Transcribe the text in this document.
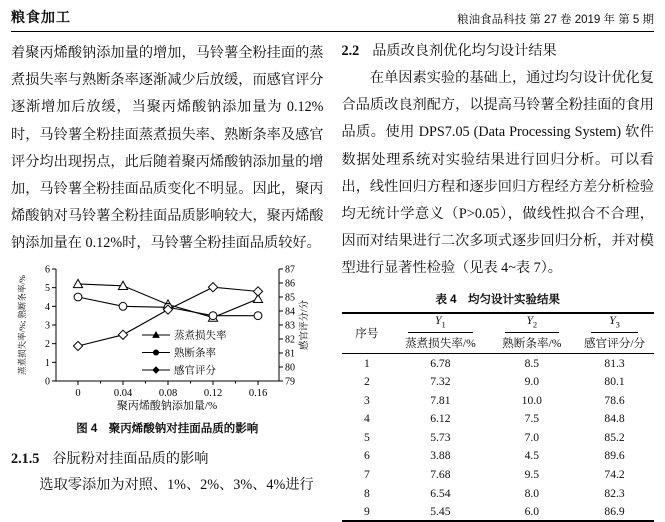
粮食加工	粮油食品科技 第 27 卷 2019 年 第 5 期

着聚丙烯酸钠添加量的增加，马铃薯全粉挂面的蒸煮损失率与熟断条率逐渐减少后放缓，而感官评分逐渐增加后放缓，当聚丙烯酸钠添加量为 0.12%时，马铃薯全粉挂面蒸煮损失率、熟断条率及感官评分均出现拐点，此后随着聚丙烯酸钠添加量的增加，马铃薯全粉挂面品质变化不明显。因此，聚丙烯酸钠对马铃薯全粉挂面品质影响较大，聚丙烯酸钠添加量在 0.12%时，马铃薯全粉挂面品质较好。

0
1
2
3
4
5
6
79
80
81
82
83
84
85
86
87
0	0.04	0.08	0.12	0.16
蒸煮损失率/%; 熟断条率/%	感官评分/分
聚丙烯酸钠添加量/%
蒸煮损失率
熟断条率
感官评分
图 4　聚丙烯酸钠对挂面品质的影响
2.1.5 谷朊粉对挂面品质的影响

选取零添加为对照、1%、2%、3%、4%进行

2.2 品质改良剂优化均匀设计结果

在单因素实验的基础上，通过均匀设计优化复合品质改良剂配方，以提高马铃薯全粉挂面的食用品质。使用 DPS7.05 (Data Processing System) 软件数据处理系统对实验结果进行回归分析。可以看出，线性回归方程和逐步回归方程经方差分析检验均无统计学意义（P>0.05），做线性拟合不合理，因而对结果进行二次多项式逐步回归分析，并对模型进行显著性检验（见表 4~表 7）。

表 4　均匀设计实验结果
序号	$Y_1$	$Y_2$	$Y_3$

	蒸煮损失率/%	熟断条率/%	感官评分/分
1	6.78	8.5	81.3
2	7.32	9.0	80.1
3	7.81	10.0	78.6
4	6.12	7.5	84.8
5	5.73	7.0	85.2
6	3.88	4.5	89.6
7	7.68	9.5	74.2
8	6.54	8.0	82.3
9	5.45	6.0	86.9
